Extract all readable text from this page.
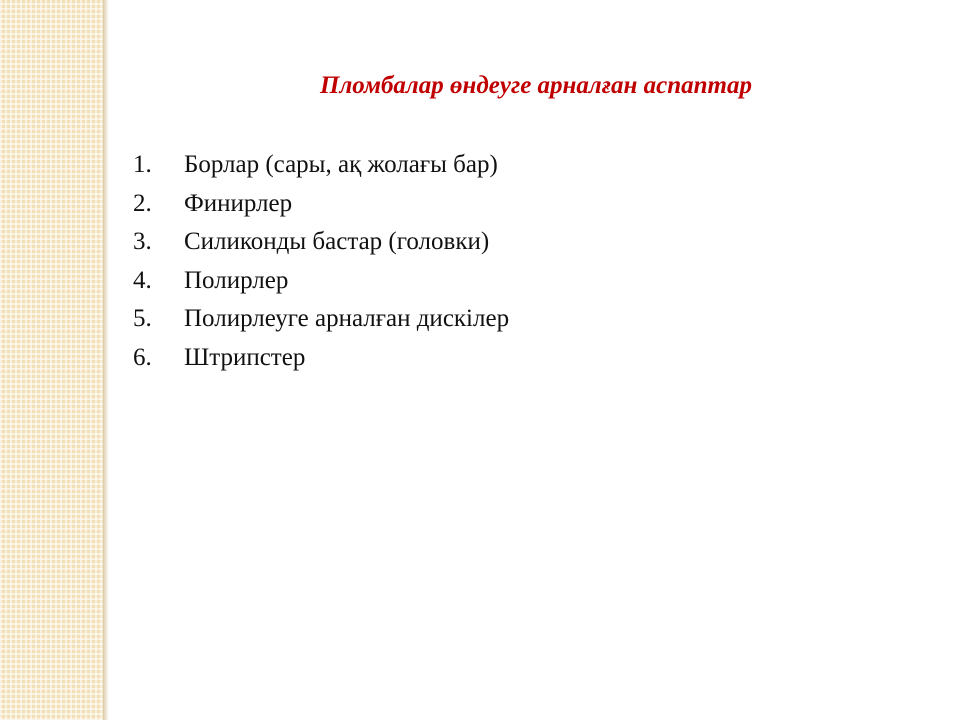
Пломбалар өндеуге арналған аспаптар
1.	Борлар (сары, ақ жолағы бар)
2.	Финирлер
3.	Силиконды бастар (головки)
4.	Полирлер
5.	Полирлеуге арналған дискiлер
6.	Штрипстер
